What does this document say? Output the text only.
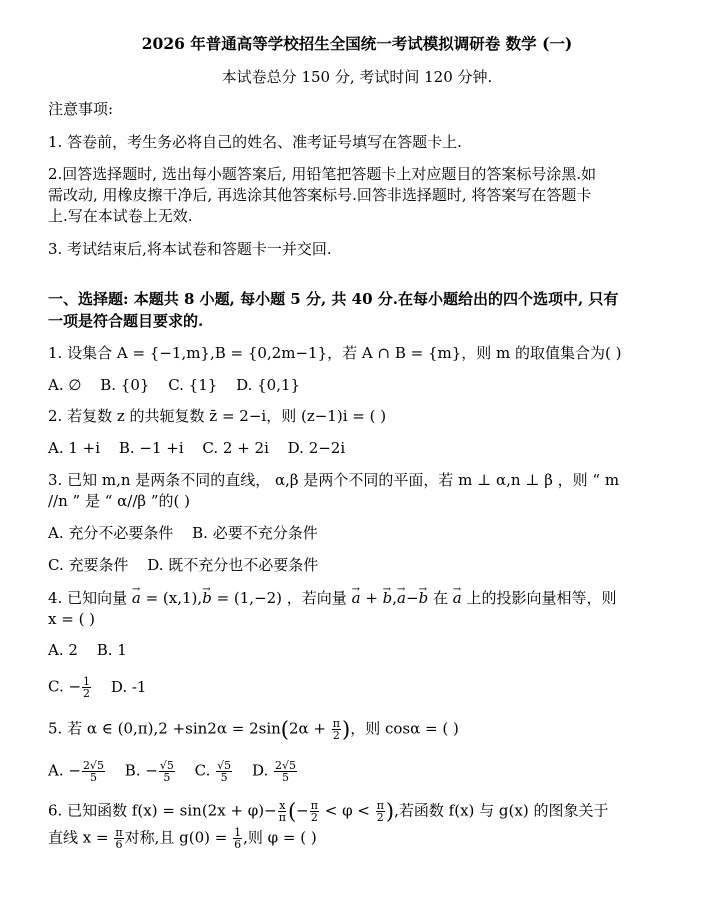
2026 年普通高等学校招生全国统一考试模拟调研卷 数学 (一)
本试卷总分 150 分, 考试时间 120 分钟.
注意事项:
1. 答卷前，考生务必将自己的姓名、准考证号填写在答题卡上.
2.回答选择题时, 选出每小题答案后, 用铅笔把答题卡上对应题目的答案标号涂黑.如
需改动, 用橡皮擦干净后, 再选涂其他答案标号.回答非选择题时, 将答案写在答题卡
上.写在本试卷上无效.
3. 考试结束后,将本试卷和答题卡一并交回.
一、选择题: 本题共 8 小题, 每小题 5 分, 共 40 分.在每小题给出的四个选项中, 只有
一项是符合题目要求的.
1. 设集合 A = {−1,m},B = {0,2m−1}，若 A ∩ B = {m}，则 m 的取值集合为( )
A. ∅ B. {0} C. {1} D. {0,1}
2. 若复数 z 的共轭复数 z̄ = 2−i，则 (z−1)i = ( )
A. 1 +i B. −1 +i C. 2 + 2i D. 2−2i
3. 已知 m,n 是两条不同的直线， α,β 是两个不同的平面，若 m ⊥ α,n ⊥ β ，则 “ m
//n ” 是 “ α//β ”的( )
A. 充分不必要条件 B. 必要不充分条件
C. 充要条件 D. 既不充分也不必要条件
4. 已知向量 → a = (x,1),→ b = (1,−2) ，若向量 → a + → b,→ a−→ b 在 → a 上的投影向量相等，则
x = ( )
A. 2 B. 1
C. − $\frac{1}{2} D$. -1
5. 若 α ∈ $(0,\pi),2 +\sin 2\alpha = 2\sin(2\alpha + \frac{\pi}{2}$ )，则 cosα = ( )
A. − $\frac{2√5}{5} B$. − $\frac{√5}{5} C$. $\frac{√5}{5} D$. $\frac{2√5}{5}$
6. 已知函数 $f(x) = \sin(2x + \varphi)- \frac{x}{\pi}$ (− $\frac{\pi}{2} < \varphi < \frac{\pi}{2}$ ),若函数 f(x) 与 g(x) 的图象关于
直线 $x = \frac{\pi}{6}$ 对称,且 $g(0) = \frac{1}{6}$ ,则 φ = ( )
